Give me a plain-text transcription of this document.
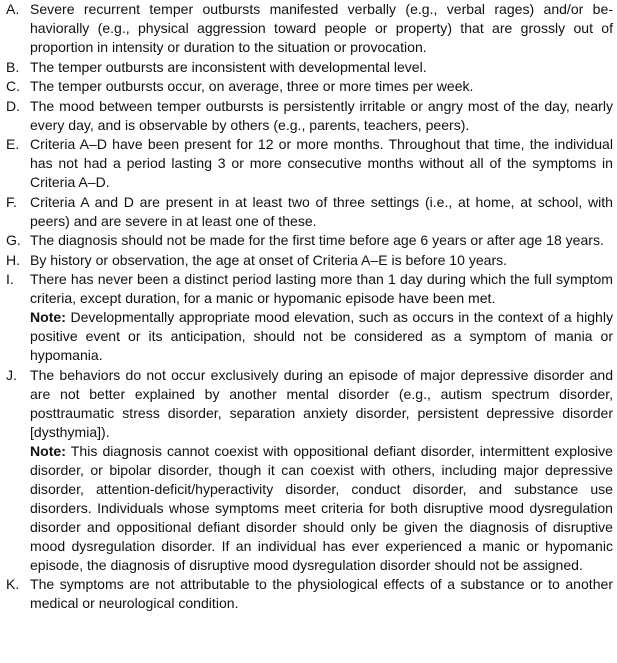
A. Severe recurrent temper outbursts manifested verbally (e.g., verbal rages) and/or behaviorally (e.g., physical aggression toward people or property) that are grossly out of proportion in intensity or duration to the situation or provocation.
B. The temper outbursts are inconsistent with developmental level.
C. The temper outbursts occur, on average, three or more times per week.
D. The mood between temper outbursts is persistently irritable or angry most of the day, nearly every day, and is observable by others (e.g., parents, teachers, peers).
E. Criteria A–D have been present for 12 or more months. Throughout that time, the individual has not had a period lasting 3 or more consecutive months without all of the symptoms in Criteria A–D.
F. Criteria A and D are present in at least two of three settings (i.e., at home, at school, with peers) and are severe in at least one of these.
G. The diagnosis should not be made for the first time before age 6 years or after age 18 years.
H. By history or observation, the age at onset of Criteria A–E is before 10 years.
I.	There has never been a distinct period lasting more than 1 day during which the full symptom criteria, except duration, for a manic or hypomanic episode have been met.

Note: Developmentally appropriate mood elevation, such as occurs in the context of a highly positive event or its anticipation, should not be considered as a symptom of mania or hypomania.

J. The behaviors do not occur exclusively during an episode of major depressive disorder and are not better explained by another mental disorder (e.g., autism spectrum disorder, posttraumatic stress disorder, separation anxiety disorder, persistent depressive disorder [dysthymia]).

Note: This diagnosis cannot coexist with oppositional defiant disorder, intermittent explosive disorder, or bipolar disorder, though it can coexist with others, including major depressive disorder, attention-deficit/hyperactivity disorder, conduct disorder, and substance use disorders. Individuals whose symptoms meet criteria for both disruptive mood dysregulation disorder and oppositional defiant disorder should only be given the diagnosis of disruptive mood dysregulation disorder. If an individual has ever experienced a manic or hypomanic episode, the diagnosis of disruptive mood dysregulation disorder should not be assigned.

K. The symptoms are not attributable to the physiological effects of a substance or to another medical or neurological condition.
